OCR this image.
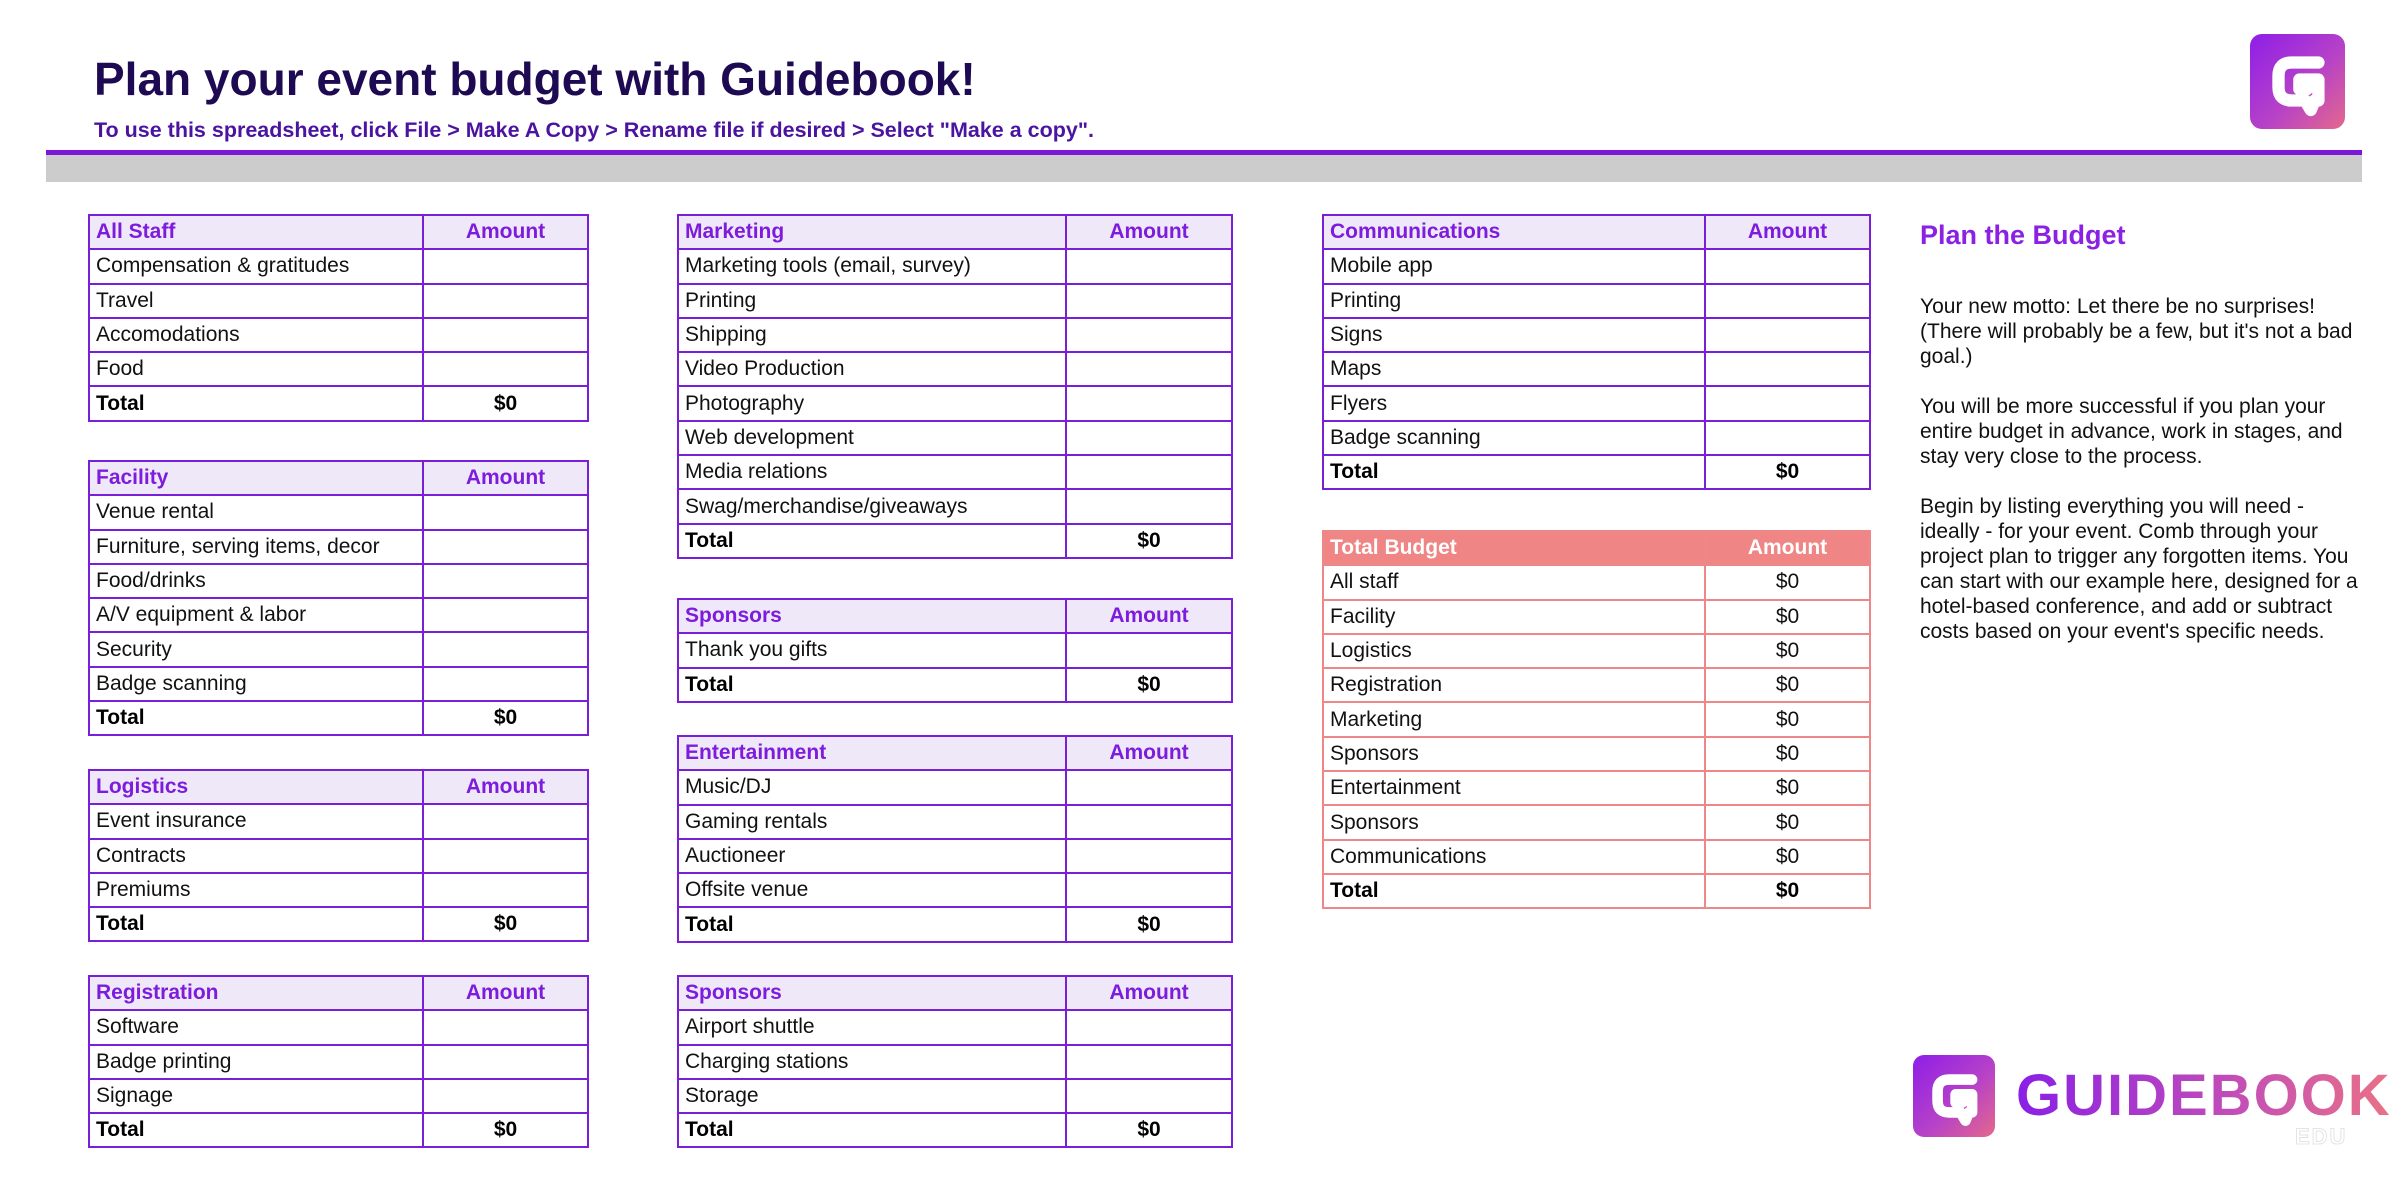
Plan your event budget with Guidebook!
To use this spreadsheet, click File > Make A Copy > Rename file if desired > Select "Make a copy".
All Staff	Amount
Compensation & gratitudes	
Travel	
Accomodations	
Food	
Total	$0
Facility	Amount
Venue rental	
Furniture, serving items, decor	
Food/drinks	
A/V equipment & labor	
Security	
Badge scanning	
Total	$0
Logistics	Amount
Event insurance	
Contracts	
Premiums	
Total	$0
Registration	Amount
Software	
Badge printing	
Signage	
Total	$0
Marketing	Amount
Marketing tools (email, survey)	
Printing	
Shipping	
Video Production	
Photography	
Web development	
Media relations	
Swag/merchandise/giveaways	
Total	$0
Sponsors	Amount
Thank you gifts	
Total	$0
Entertainment	Amount
Music/DJ	
Gaming rentals	
Auctioneer	
Offsite venue	
Total	$0
Sponsors	Amount
Airport shuttle	
Charging stations	
Storage	
Total	$0
Communications	Amount
Mobile app	
Printing	
Signs	
Maps	
Flyers	
Badge scanning	
Total	$0
Total Budget	Amount
All staff	$0
Facility	$0
Logistics	$0
Registration	$0
Marketing	$0
Sponsors	$0
Entertainment	$0
Sponsors	$0
Communications	$0
Total	$0
Plan the Budget
Your new motto: Let there be no surprises! (There will probably be a few, but it's not a bad goal.)
You will be more successful if you plan your entire budget in advance, work in stages, and stay very close to the process.
Begin by listing everything you will need - ideally - for your event. Comb through your project plan to trigger any forgotten items. You can start with our example here, designed for a hotel-based conference, and add or subtract costs based on your event's specific needs.
GUIDEBOOK
EDU
